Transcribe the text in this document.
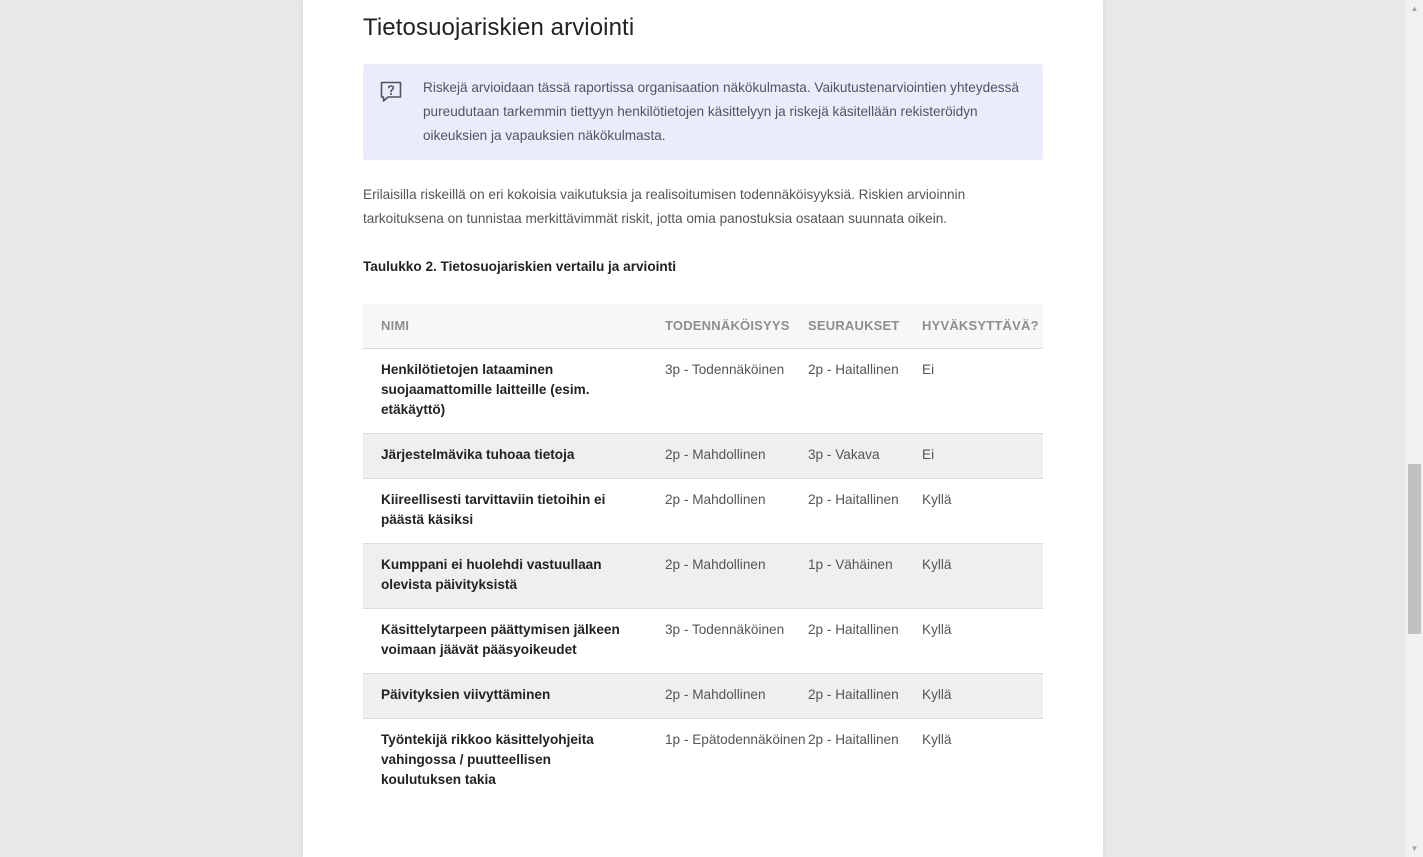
Tietosuojariskien arviointi
Riskejä arvioidaan tässä raportissa organisaation näkökulmasta. Vaikutustenarviointien yhteydessä pureudutaan tarkemmin tiettyyn henkilötietojen käsittelyyn ja riskejä käsitellään rekisteröidyn oikeuksien ja vapauksien näkökulmasta.

Erilaisilla riskeillä on eri kokoisia vaikutuksia ja realisoitumisen todennäköisyyksiä. Riskien arvioinnin tarkoituksena on tunnistaa merkittävimmät riskit, jotta omia panostuksia osataan suunnata oikein.

Taulukko 2. Tietosuojariskien vertailu ja arviointi
NIMI	TODENNÄKÖISYYS	SEURAUKSET	HYVÄKSYTTÄVÄ?
Henkilötietojen lataaminen suojaamattomille laitteille (esim. etäkäyttö)	3p - Todennäköinen	2p - Haitallinen	Ei
Järjestelmävika tuhoaa tietoja	2p - Mahdollinen	3p - Vakava	Ei
Kiireellisesti tarvittaviin tietoihin ei päästä käsiksi	2p - Mahdollinen	2p - Haitallinen	Kyllä
Kumppani ei huolehdi vastuullaan olevista päivityksistä	2p - Mahdollinen	1p - Vähäinen	Kyllä
Käsittelytarpeen päättymisen jälkeen voimaan jäävät pääsyoikeudet	3p - Todennäköinen	2p - Haitallinen	Kyllä
Päivityksien viivyttäminen	2p - Mahdollinen	2p - Haitallinen	Kyllä
Työntekijä rikkoo käsittelyohjeita vahingossa / puutteellisen koulutuksen takia	1p - Epätodennäköinen	2p - Haitallinen	Kyllä
▲
▼
